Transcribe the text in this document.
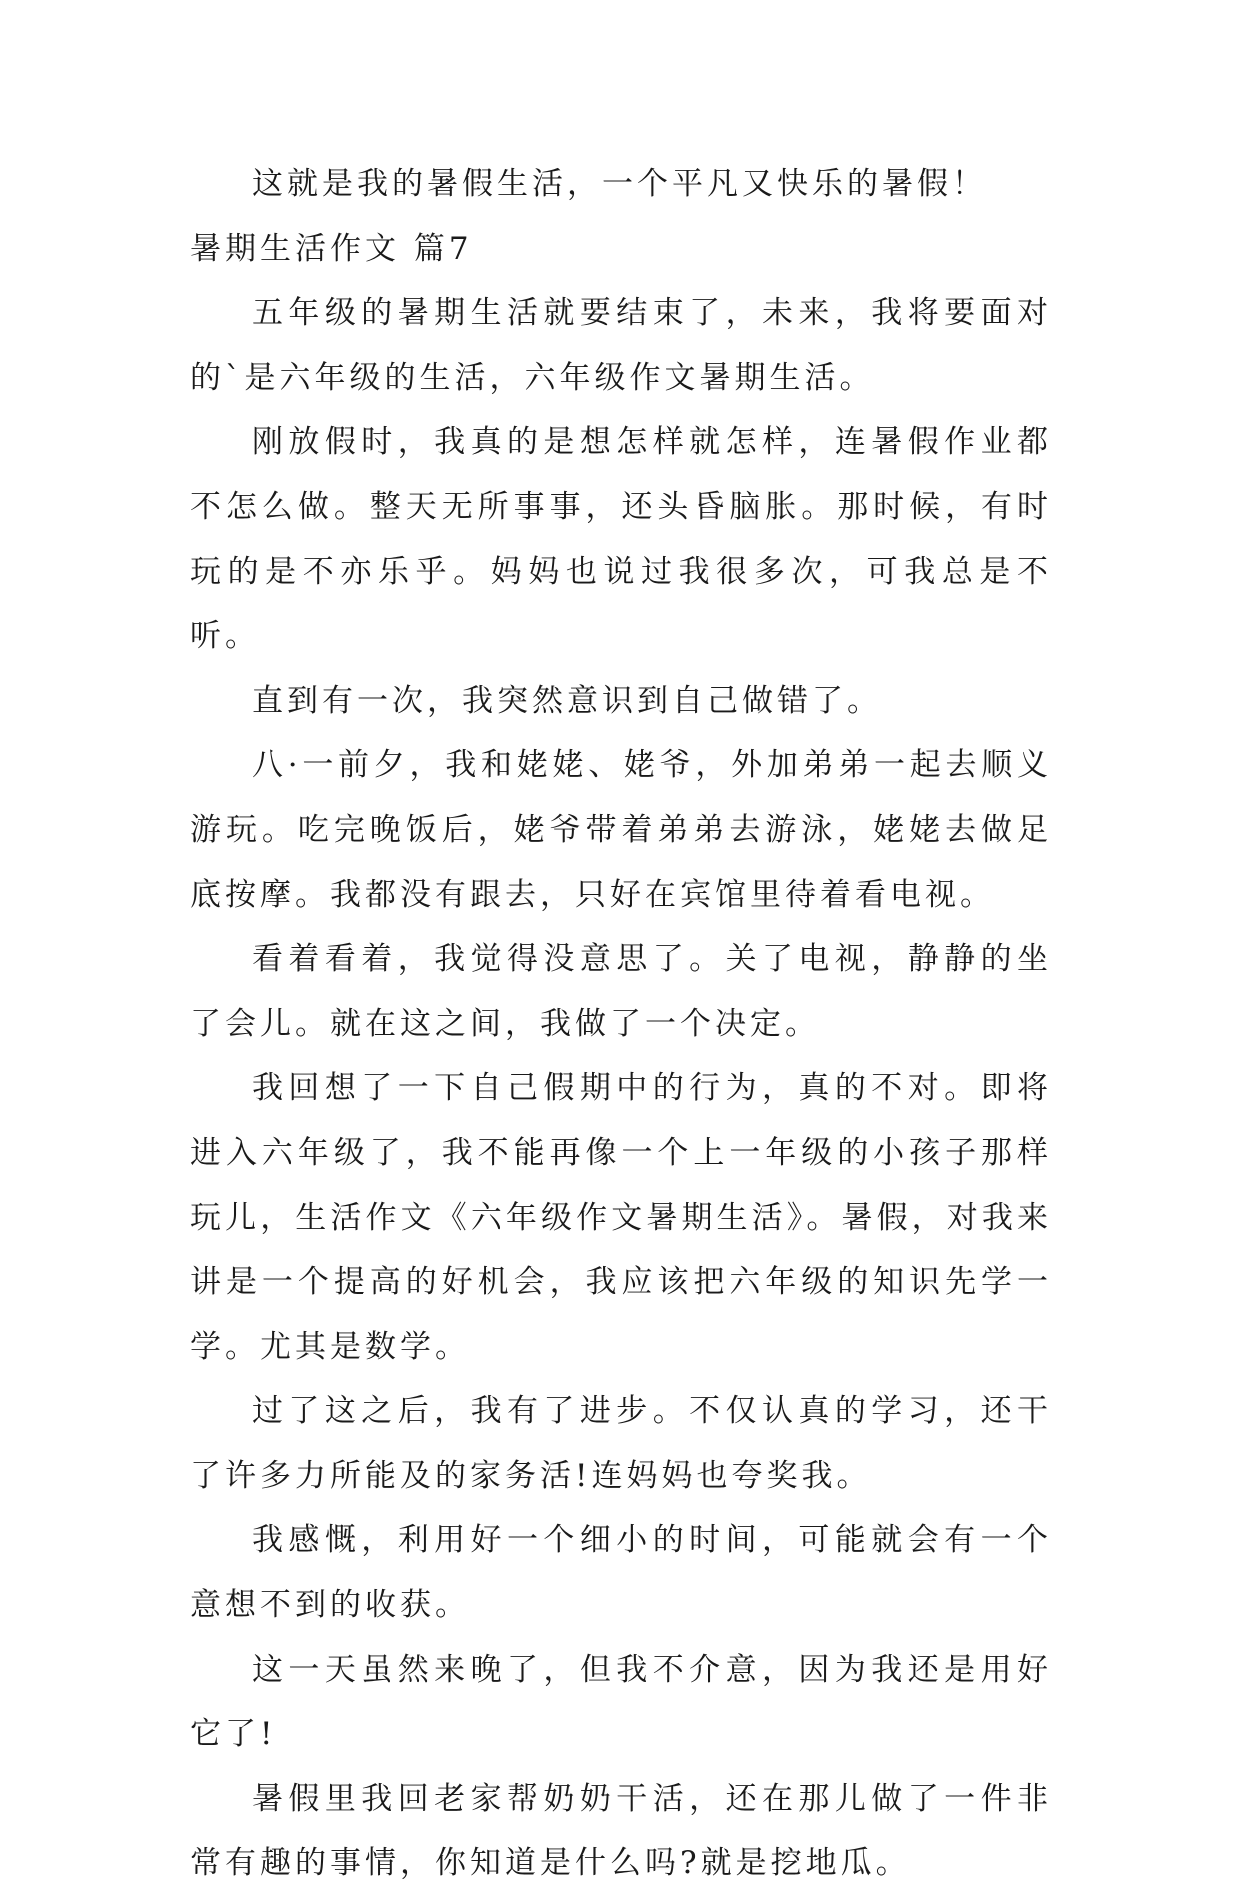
这就是我的暑假生活，一个平凡又快乐的暑假！

暑期生活作文 篇7

五年级的暑期生活就要结束了，未来，我将要面对的`是六年级的生活，六年级作文暑期生活。

刚放假时，我真的是想怎样就怎样，连暑假作业都不怎么做。整天无所事事，还头昏脑胀。那时候，有时玩的是不亦乐乎。妈妈也说过我很多次，可我总是不听。

直到有一次，我突然意识到自己做错了。

八·一前夕，我和姥姥、姥爷，外加弟弟一起去顺义游玩。吃完晚饭后，姥爷带着弟弟去游泳，姥姥去做足底按摩。我都没有跟去，只好在宾馆里待着看电视。

看着看着，我觉得没意思了。关了电视，静静的坐了会儿。就在这之间，我做了一个决定。

我回想了一下自己假期中的行为，真的不对。即将进入六年级了，我不能再像一个上一年级的小孩子那样玩儿，生活作文《六年级作文暑期生活》。暑假，对我来讲是一个提高的好机会，我应该把六年级的知识先学一学。尤其是数学。

过了这之后，我有了进步。不仅认真的学习，还干了许多力所能及的家务活!连妈妈也夸奖我。

我感慨，利用好一个细小的时间，可能就会有一个意想不到的收获。

这一天虽然来晚了，但我不介意，因为我还是用好它了!

暑假里我回老家帮奶奶干活，还在那儿做了一件非常有趣的事情，你知道是什么吗?就是挖地瓜。
